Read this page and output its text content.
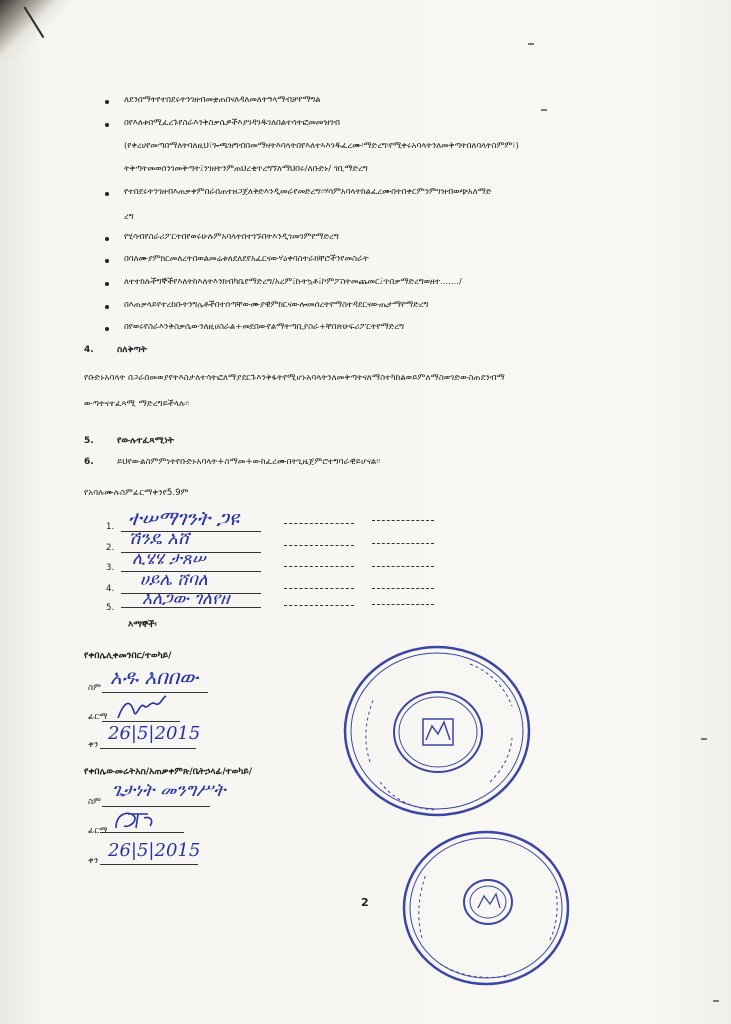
ለደንበማትየተበደሩትንገዘብመቋጠበናለዳለመለትዓላማብቻየማግል
በየእለቱበሚፈረጉየስራእንቅስቃሴዎችእያገዳገዱገለበልተሳትፎመመዝገብ
(የቀረሀየመጣበማለትባለዚህ፣ጐጫዝግብበመማዛትእባላትበየእለተኣእገዱፈረሙ፡ማድረግ፡የሚቀሩአባላትንለመቅጣትበለባላትስምም፣)
ትቅጣትመወሰንገመቅጣት፤ንገዘትንምጠህረቂጥረግኘለማህበሩ/ለቡድኑ/ ገቢማድረግ
የተበደሩትንገዘብእጠቃቀምበራበጠተዘጋጀለቅድእንዲመራየመድረግ፡፡ሃሳምአባላትከልፈረሙበትበቀርምንምገዝብወጭአለማድ
ረግ
የሂሳብየስራሪፖርትበየወሩሁሉምአባላትበተገኙበትእንዲገመገምየማድረግ
በባለሙያምክርመለረትበወልመሬቱለደለደየአፈርናውሃዕቀባስትራክቸሮችንየመስራት
ለተተክሉችግኞችየእለትከእለትእንክብካቤየማድረግ/አረም፤ኩትኳቶ፤ኮምፖስትመጨመር፤ጥበቃማድረግወዘተ......./
በእጠቃላይየተረከቡትንግሌቶችበተሰጣቸውሙያዊምክርናውሎመሰረትየማስተዳደርናውጤታማየማድረግ
በየወሩየስራእንቅስቃሴውንለዚሀስራል+መደበውየልማትጣቢያስራ+ቸበጽሁፍሪፖርትየማድረግ
4.	ስለቅጣት
የቡድኑአባላት በጋራበመወያየትእስታለተሳትፎለማያደርጉእንቅፋትየሚሆኑአባላትንለመቅጣትናለማስተካከልወይምለማስወገድውስጠደንብማ
ውጣትናተፈጻሚ ማድረግይችላሉ፡፡
5.	የውሉተፈጻሚነት
6.	ይህየውልስምምነትየቡድኑአባላት+ስማመ+ውከፈረሙበትጊዜጀምሮተግባራዊይሆናል፡፡
የአባሉሙሉስምፊርማቀንየ5.9ም
1. ተሠማገንት ጋዩ
2. ሽንዴ አሸ
3. ሊሄሄ ታጸሠ
4. ሀይሌ ሸባለ
5. እለጋው ገለየዘ
እማኞች፡
የቀበሌሊቀመንበር/ተወካይ/
ስም አዱ እበበው
ፊርማ
ቀን
26|5|2015
የቀበሌውመሬትአስ/አጠቃቀምጽ/ቤትኃላፊ/ተወካይ/
ስም
ጌታነት መንግሥት
ፊርማ
ቀን 26|5|2015
2
